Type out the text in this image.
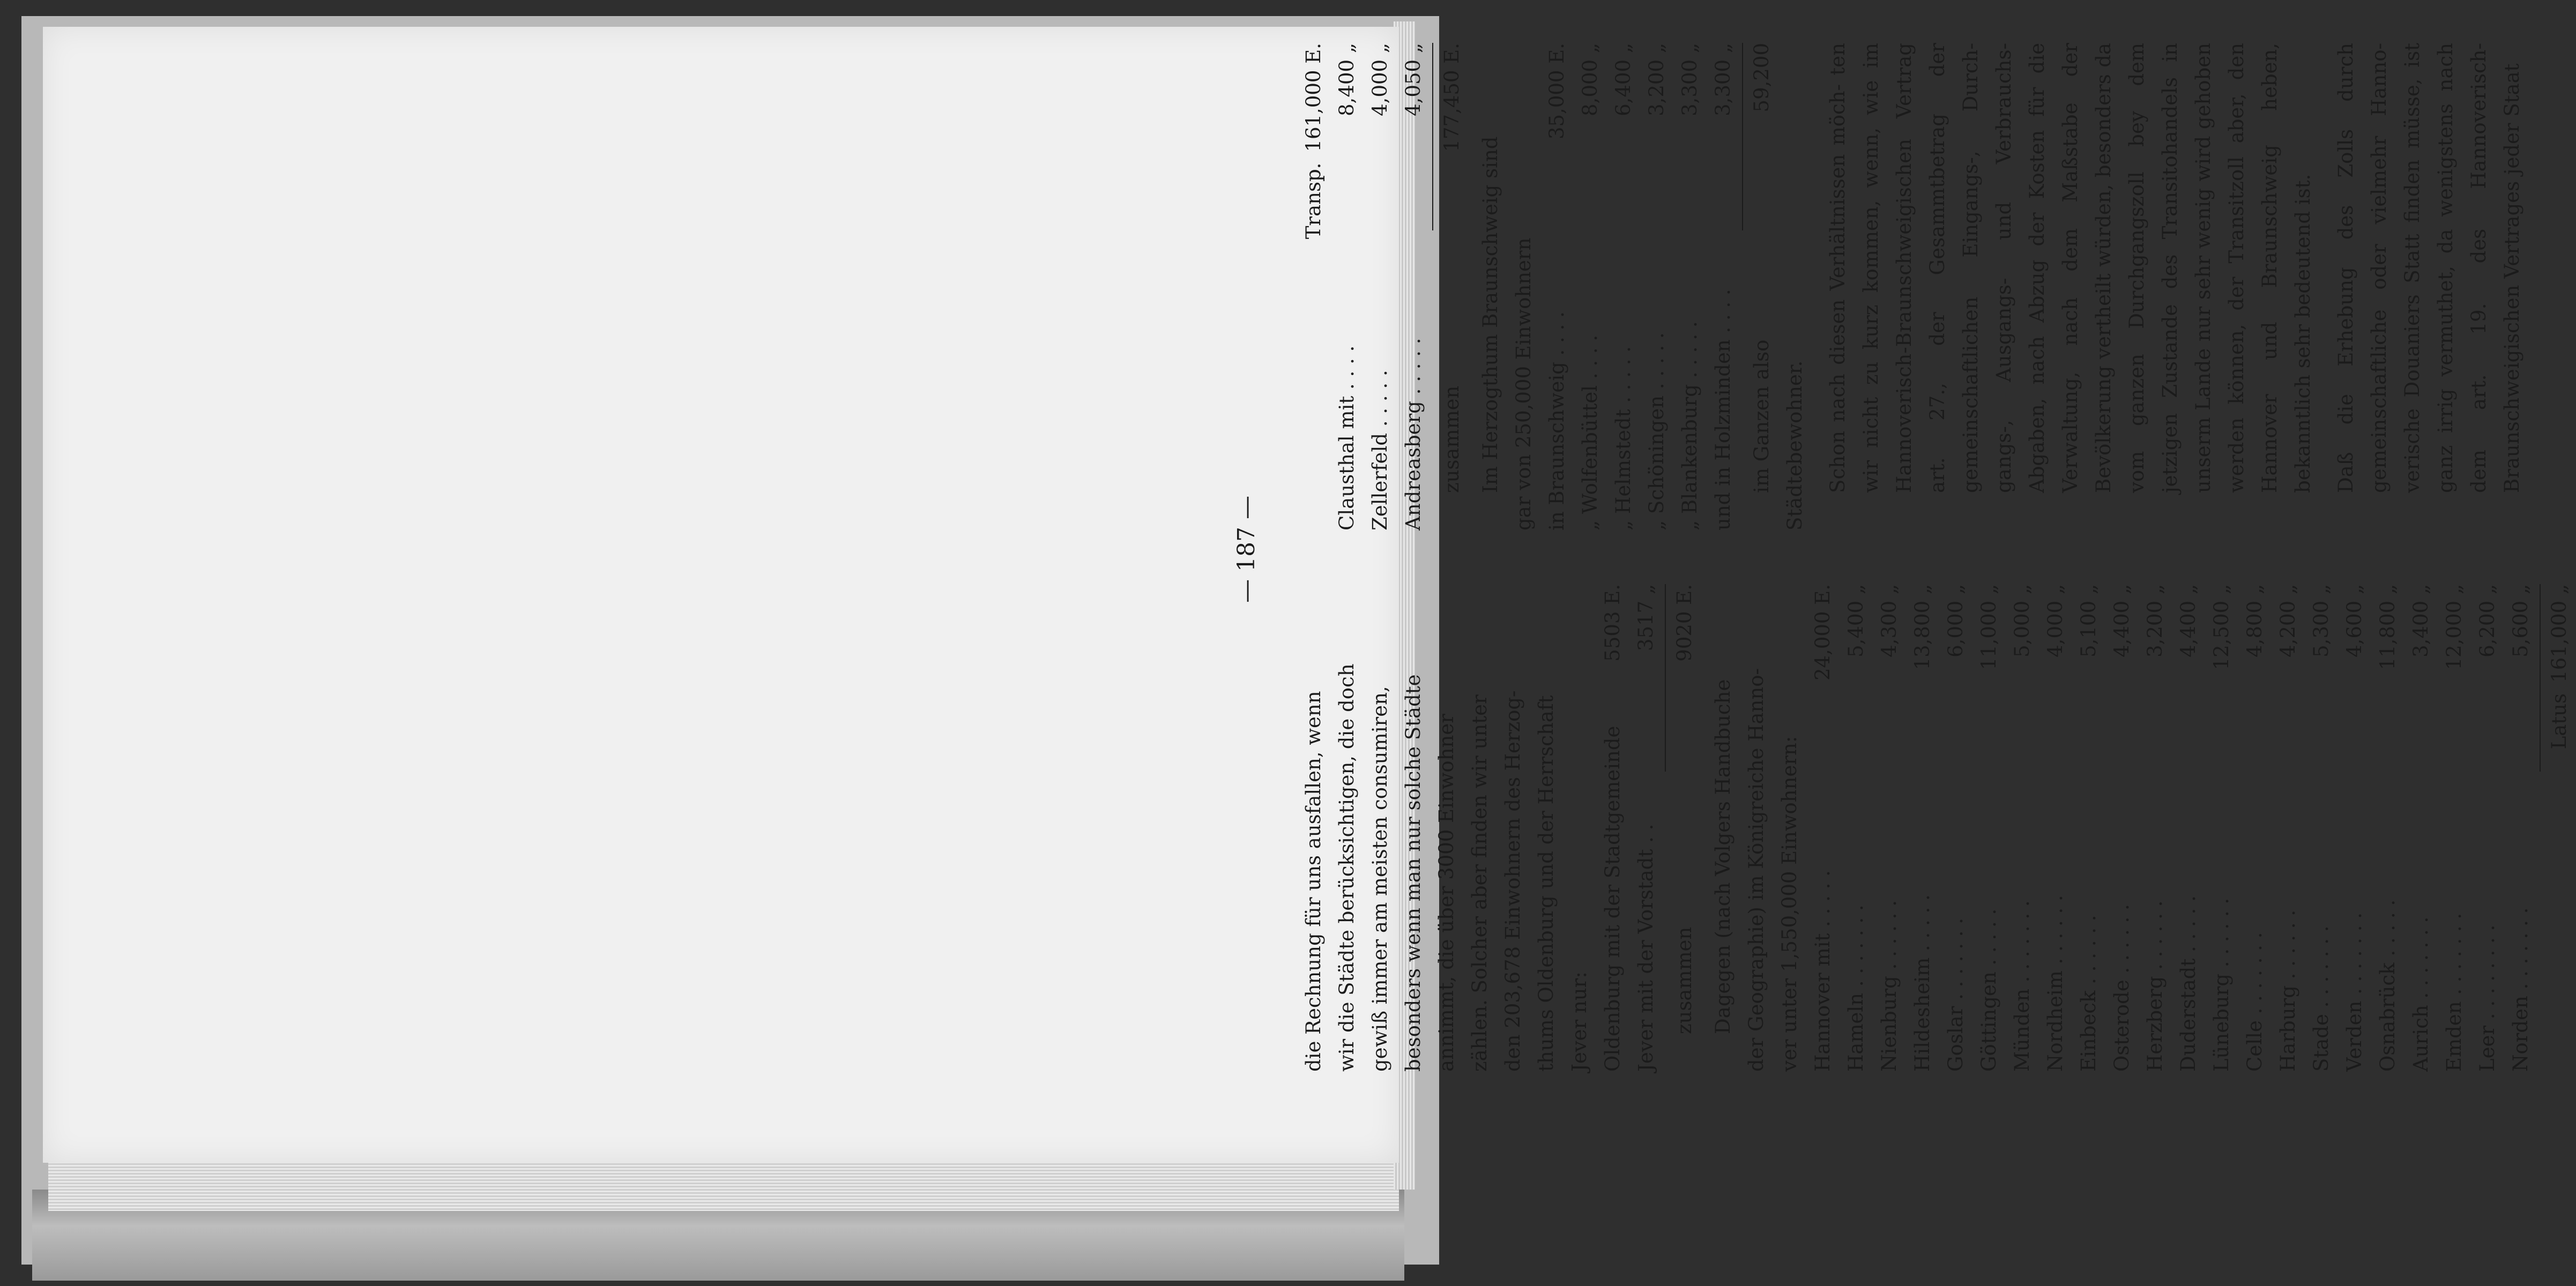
— 187 —
die Rechnung für uns ausfallen, wenn wir die Städte berücksichtigen, die doch gewiß immer am meisten consumiren, besonders wenn man nur solche Städte annimmt, die über 3000 Einwohner zählen. Solcher aber finden wir unter den 203,678 Einwohnern des Herzog- thums Oldenburg und der Herrschaft Jever nur: Oldenburg mit der Stadtgemeinde
5503 E.
Jever mit der Vorstadt . .
3517 „
zusammen
9020 E.
Dagegen (nach Volgers Handbuche der Geographie) im Königreiche Hanno- ver unter 1,550,000 Einwohnern: Hannover mit . . . . .
24,000 E.
Hameln . . . . . . .
5,400 „
Nienburg . . . . . .
4,300 „
Hildesheim . . . . .
13,800 „
Goslar . . . . . . .
6,000 „
Göttingen . . . . .
11,000 „
Münden . . . . . . .
5,000 „
Nordheim . . . . . .
4,000 „
Einbeck . . . . . .
5,100 „
Osterode . . . . . .
4,400 „
Herzberg . . . . . .
3,200 „
Duderstadt . . . . .
4,400 „
Lüneburg . . . . . .
12,500 „
Celle . . . . . . .
4,800 „
Harburg . . . . . .
4,200 „
Stade . . . . . . .
5,300 „
Verden . . . . . . .
4,600 „
Osnabrück . . . . .
11,800 „
Aurich . . . . . . .
3,400 „
Emden . . . . . . .
12,000 „
Leer . . . . . . . .
6,200 „
Norden . . . . . . .
5,600 „
Latus
161,000 „
Transp.
161,000 E.
Clausthal mit . . . .
8,400 „
Zellerfeld . . . . .
4,000 „
Andreasberg . . . . .
4,050 „
zusammen
177,450 E.
Im Herzogthum Braunschweig sind gar von 250,000 Einwohnern in Braunschweig . . . .
35,000 E.
„ Wolfenbüttel . . . .
8,000 „
„ Helmstedt . . . . .
6,400 „
„ Schöningen . . . . .
3,200 „
„ Blankenburg . . . . .
3,300 „
und in Holzminden . . . .
3,300 „
im Ganzen also
59,200
Städtebewohner. Schon nach diesen Verhältnissen möch- ten wir nicht zu kurz kommen, wenn, wie im Hannoverisch-Braunschweigischen Vertrag art. 27., der Gesammtbetrag der gemeinschaftlichen Eingangs-, Durch- gangs-, Ausgangs- und Verbrauchs- Abgaben, nach Abzug der Kosten für die Verwaltung, nach dem Maßstabe der Bevölkerung vertheilt würden, besonders da vom ganzen Durchgangszoll bey dem jetzigen Zustande des Transitohandels in unserm Lande nur sehr wenig wird gehoben werden können, der Transitzoll aber, den Hannover und Braunschweig heben, bekanntlich sehr bedeutend ist. Daß die Erhebung des Zolls durch gemeinschaftliche oder vielmehr Hanno- verische Douaniers Statt finden müsse, ist ganz irrig vermuthet, da wenigstens nach dem art. 19. des Hannoverisch- Braunschweigischen Vertrages jeder Staat
